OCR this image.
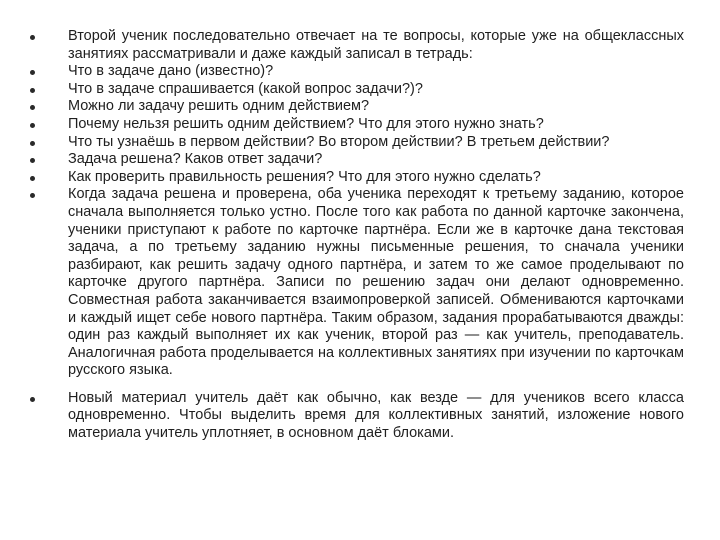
Второй ученик последовательно отвечает на те вопросы, которые уже на общеклассных занятиях рассматривали и даже каждый записал в тетрадь:
Что в задаче дано (известно)?
Что в задаче спрашивается (какой вопрос задачи?)?
Можно ли задачу решить одним действием?
Почему нельзя решить одним действием? Что для этого нужно знать?
Что ты узнаёшь в первом действии? Во втором действии? В третьем действии?
Задача решена? Каков ответ задачи?
Как проверить правильность решения? Что для этого нужно сделать?
Когда задача решена и проверена, оба ученика переходят к третьему заданию, которое сначала выполняется только устно. После того как работа по данной карточке закончена, ученики приступают к работе по карточке партнёра. Если же в карточке дана текстовая задача, а по третьему заданию нужны письменные решения, то сначала ученики разбирают, как решить задачу одного партнёра, и затем то же самое проделывают по карточке другого партнёра. Записи по решению задач они делают одновременно. Совместная работа заканчивается взаимопроверкой записей. Обмениваются карточками и каждый ищет себе нового партнёра. Таким образом, задания прорабатываются дважды: один раз каждый выполняет их как ученик, второй раз — как учитель, преподаватель. Аналогичная работа проделывается на коллективных занятиях при изучении по карточкам русского языка.
Новый материал учитель даёт как обычно, как везде — для учеников всего класса одновременно. Чтобы выделить время для коллективных занятий, изложение нового материала учитель уплотняет, в основном даёт блоками.
